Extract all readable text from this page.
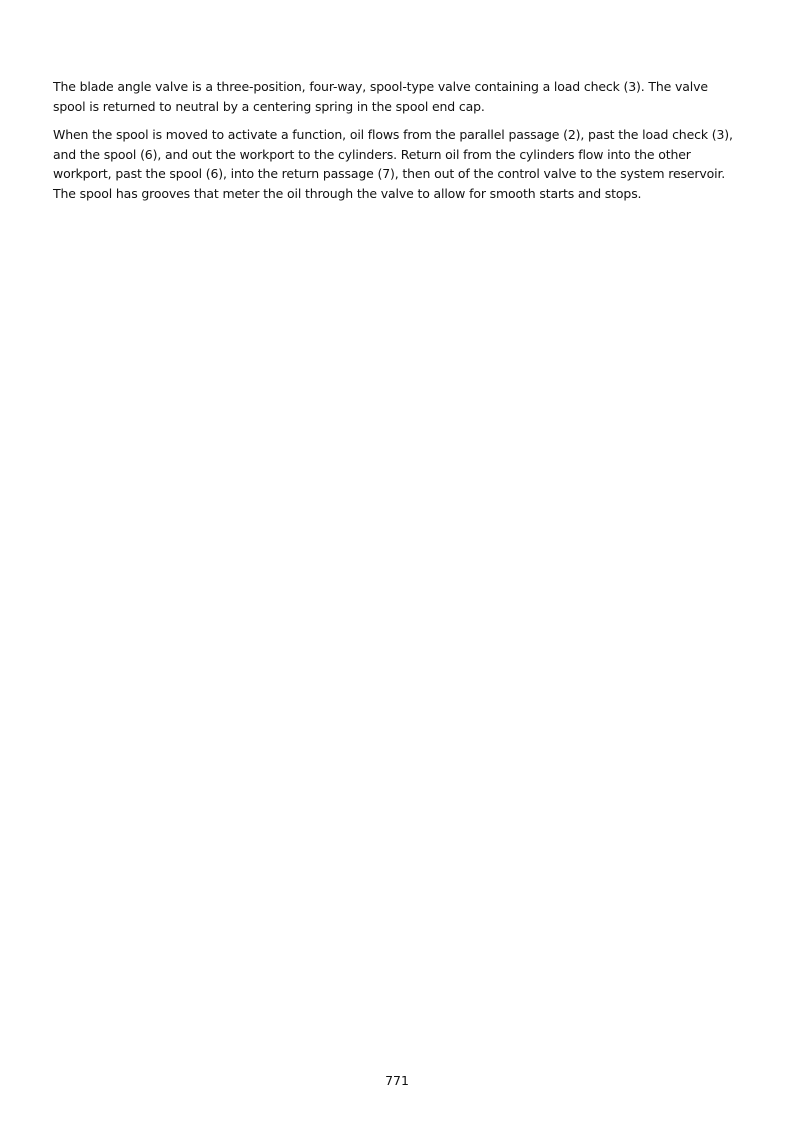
The blade angle valve is a three-position, four-way, spool-type valve containing a load check (3). The valve spool is returned to neutral by a centering spring in the spool end cap.

When the spool is moved to activate a function, oil flows from the parallel passage (2), past the load check (3), and the spool (6), and out the workport to the cylinders. Return oil from the cylinders flow into the other workport, past the spool (6), into the return passage (7), then out of the control valve to the system reservoir. The spool has grooves that meter the oil through the valve to allow for smooth starts and stops.

771
